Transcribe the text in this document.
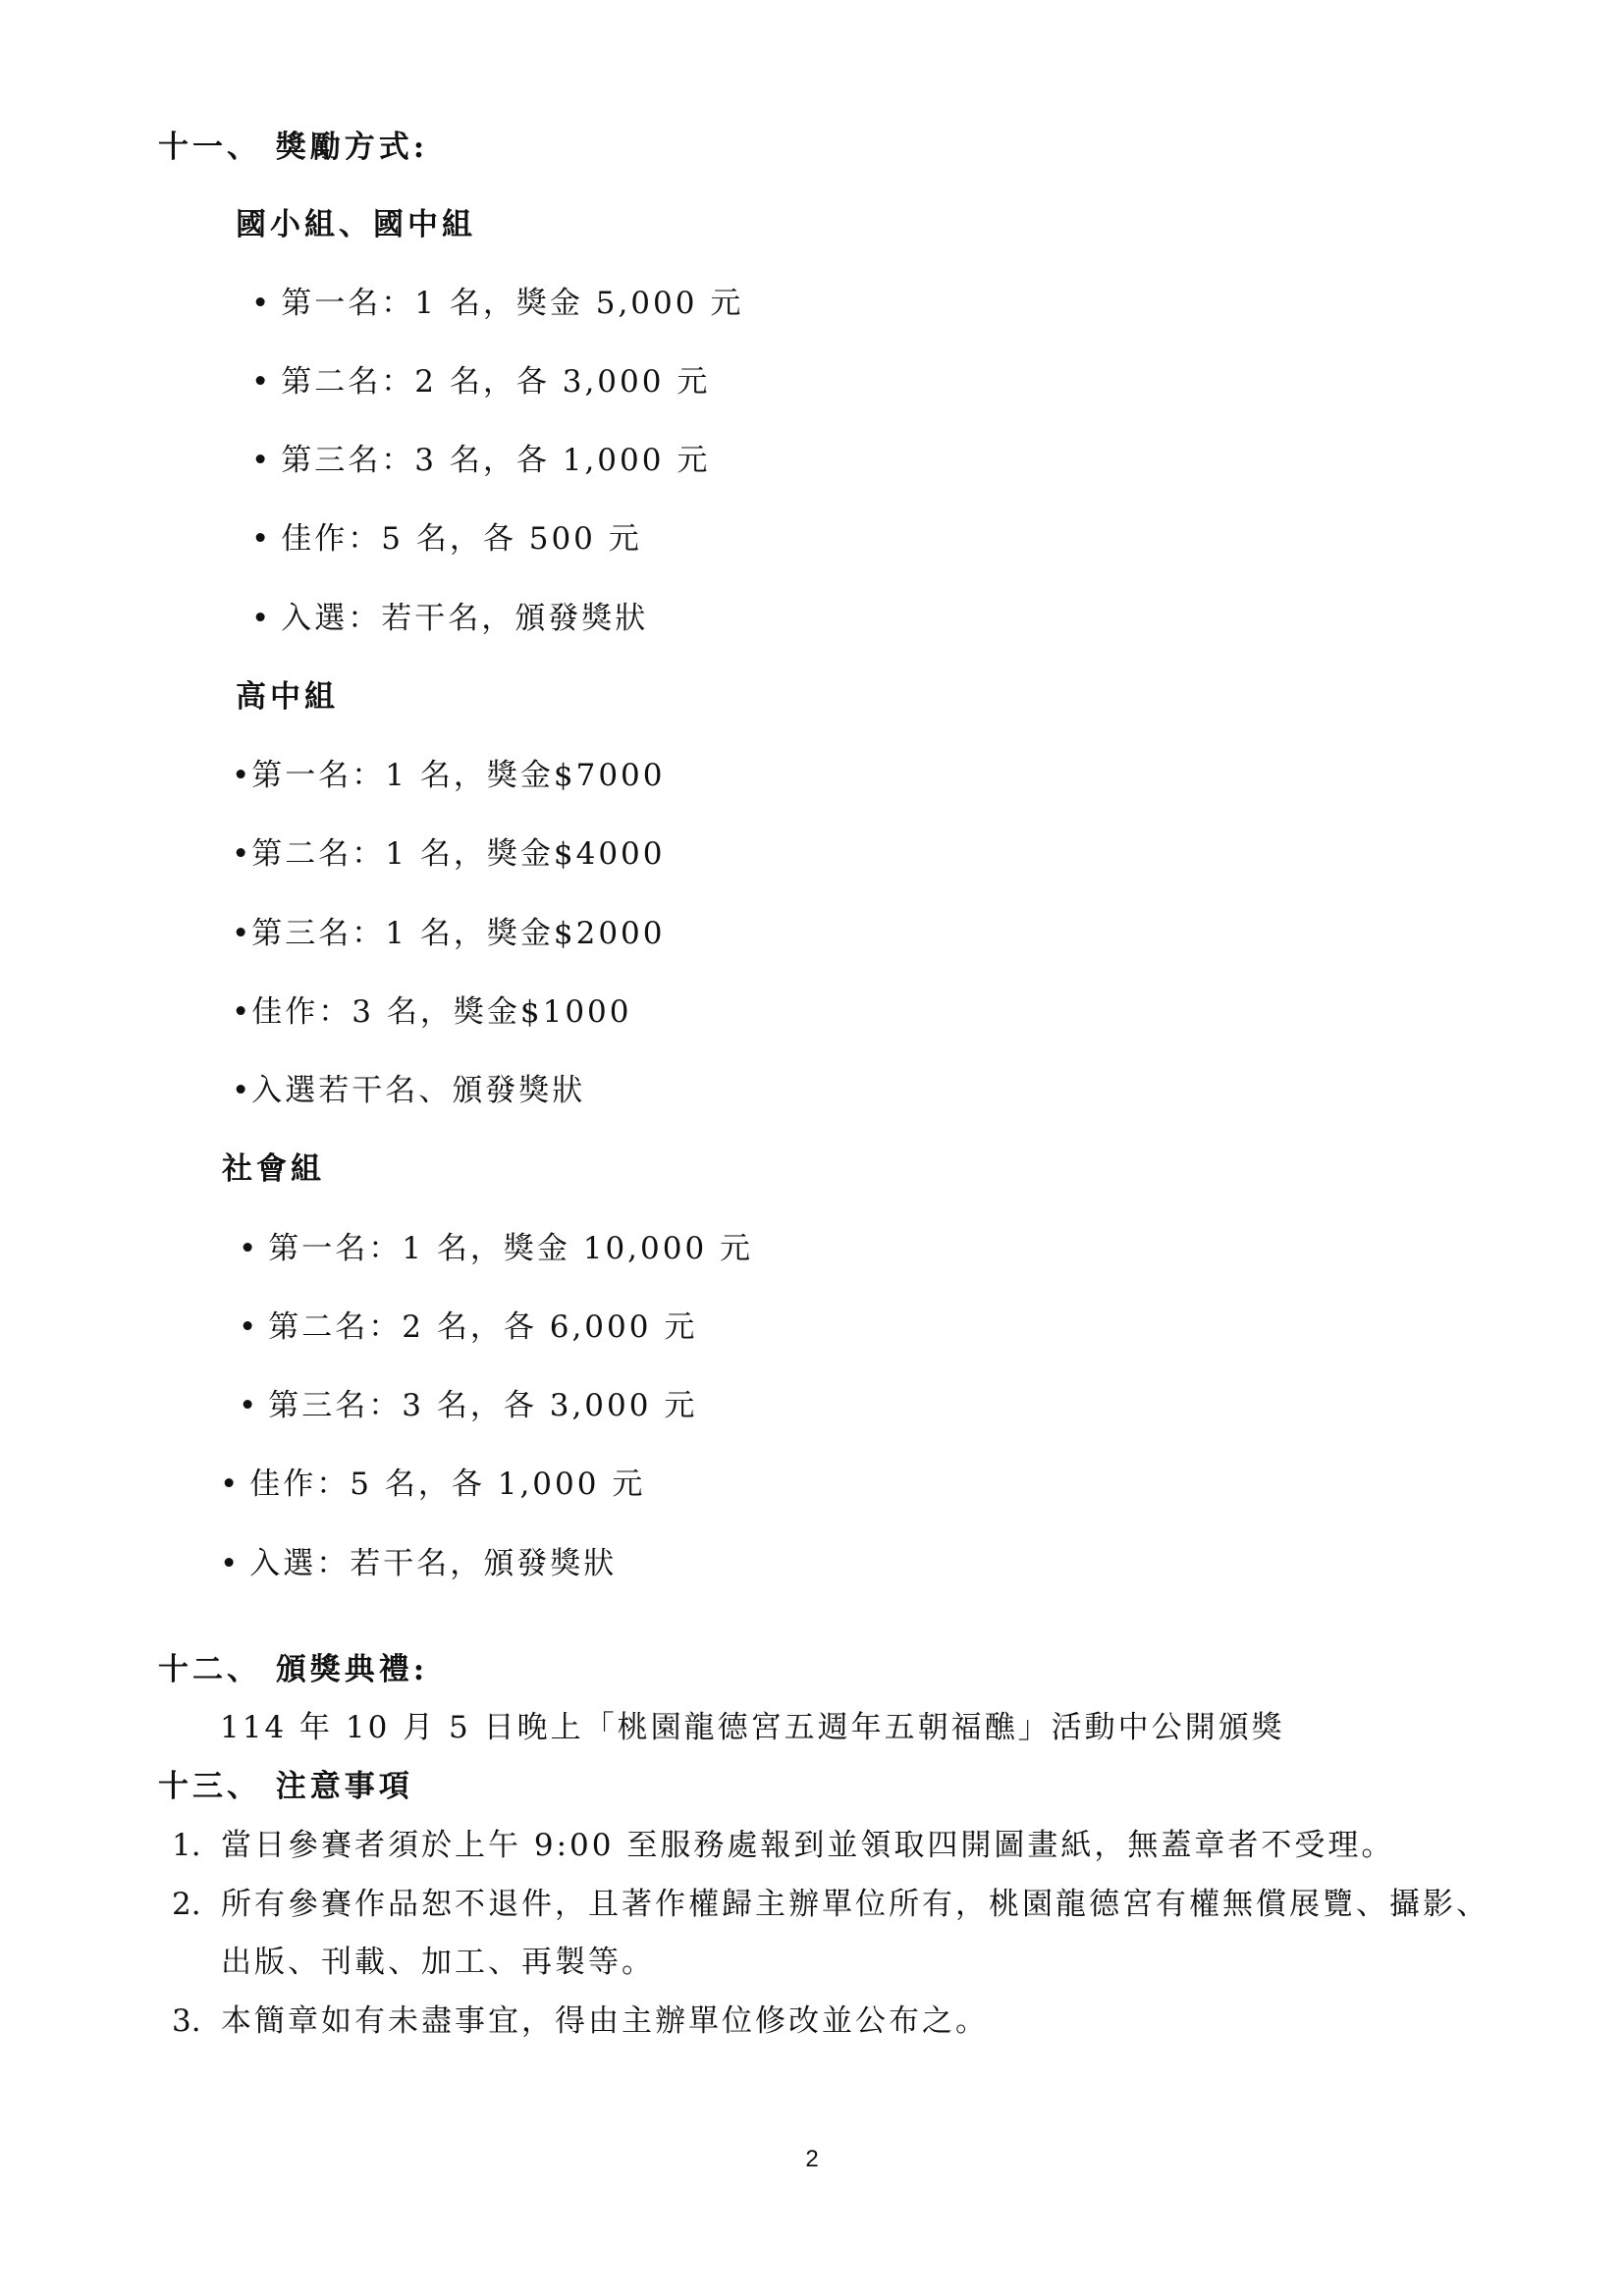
十一、 獎勵方式:
國小組、國中組
• 第一名：1 名，獎金 5,000 元
• 第二名：2 名，各 3,000 元
• 第三名：3 名，各 1,000 元
• 佳作：5 名，各 500 元
• 入選：若干名，頒發獎狀
高中組
•第一名：1 名，獎金$7000
•第二名：1 名，獎金$4000
•第三名：1 名，獎金$2000
•佳作：3 名，獎金$1000
•入選若干名、頒發獎狀
社會組
• 第一名：1 名，獎金 10,000 元
• 第二名：2 名，各 6,000 元
• 第三名：3 名，各 3,000 元
• 佳作：5 名，各 1,000 元
• 入選：若干名，頒發獎狀
十二、 頒獎典禮:
114 年 10 月 5 日晚上「桃園龍德宮五週年五朝福醮」活動中公開頒獎
十三、 注意事項
1. 當日參賽者須於上午 9:00 至服務處報到並領取四開圖畫紙，無蓋章者不受理。
2. 所有參賽作品恕不退件，且著作權歸主辦單位所有，桃園龍德宮有權無償展覽、攝影、
出版、刊載、加工、再製等。
3. 本簡章如有未盡事宜，得由主辦單位修改並公布之。
2
